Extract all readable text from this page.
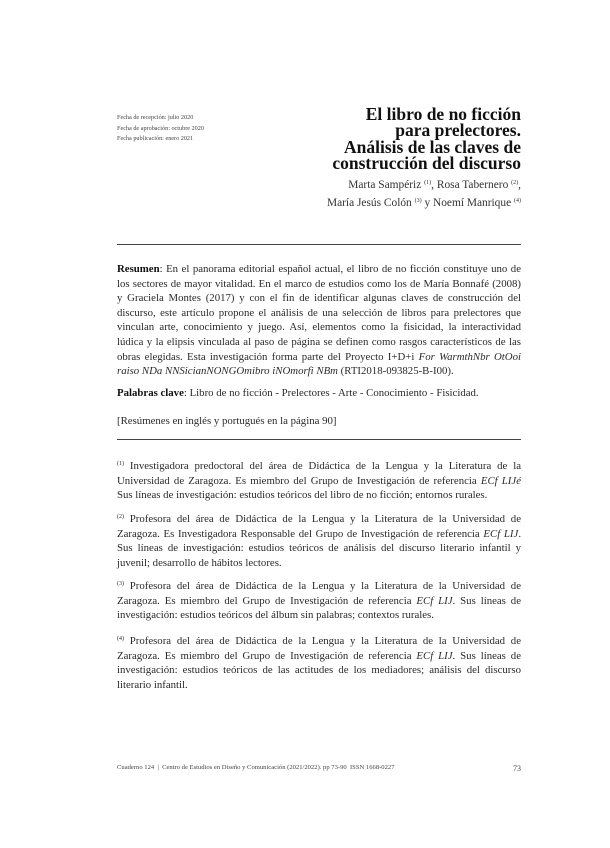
Fecha de recepción: julio 2020
Fecha de aprobación: octubre 2020
Fecha publicación: enero 2021
El libro de no ficción
para prelectores.
Análisis de las claves de
construcción del discurso
Marta Sampériz $^{(1)}$, Rosa Tabernero $^{(2)}$,
María Jesús Colón $^{(3)}$ y Noemí Manrique $^{(4)}$

Resumen: En el panorama editorial español actual, el libro de no ficción constituye uno de los sectores de mayor vitalidad. En el marco de estudios como los de María Bonnafé (2008) y Graciela Montes (2017) y con el fin de identificar algunas claves de construcción del discurso, este artículo propone el análisis de una selección de libros para prelectores que vinculan arte, conocimiento y juego. Así, elementos como la fisicidad, la interactividad lúdica y la elipsis vinculada al paso de página se definen como rasgos característicos de las obras elegidas. Esta investigación forma parte del Proyecto I+D+i For WarmthNbr OtOoi raiso NDa NNSicianNONGOmibro iNOmorfi NBm (RTI2018-093825-B-I00).

Palabras clave: Libro de no ficción - Prelectores - Arte - Conocimiento - Fisicidad.

[Resúmenes en inglés y portugués en la página 90]

$^{(1)}$ Investigadora predoctoral del área de Didáctica de la Lengua y la Literatura de la Universidad de Zaragoza. Es miembro del Grupo de Investigación de referencia ECf LIJé Sus líneas de investigación: estudios teóricos del libro de no ficción; entornos rurales.

$^{(2)}$ Profesora del área de Didáctica de la Lengua y la Literatura de la Universidad de Zaragoza. Es Investigadora Responsable del Grupo de Investigación de referencia ECf LIJ. Sus líneas de investigación: estudios teóricos de análisis del discurso literario infantil y juvenil; desarrollo de hábitos lectores.

$^{(3)}$ Profesora del área de Didáctica de la Lengua y la Literatura de la Universidad de Zaragoza. Es miembro del Grupo de Investigación de referencia ECf LIJ. Sus líneas de investigación: estudios teóricos del álbum sin palabras; contextos rurales.

$^{(4)}$ Profesora del área de Didáctica de la Lengua y la Literatura de la Universidad de Zaragoza. Es miembro del Grupo de Investigación de referencia ECf LIJ. Sus líneas de investigación: estudios teóricos de las actitudes de los mediadores; análisis del discurso literario infantil.

Cuaderno 124  |  Centro de Estudios en Diseño y Comunicación (2021/2022). pp 73-90  ISSN 1668-0227	73
